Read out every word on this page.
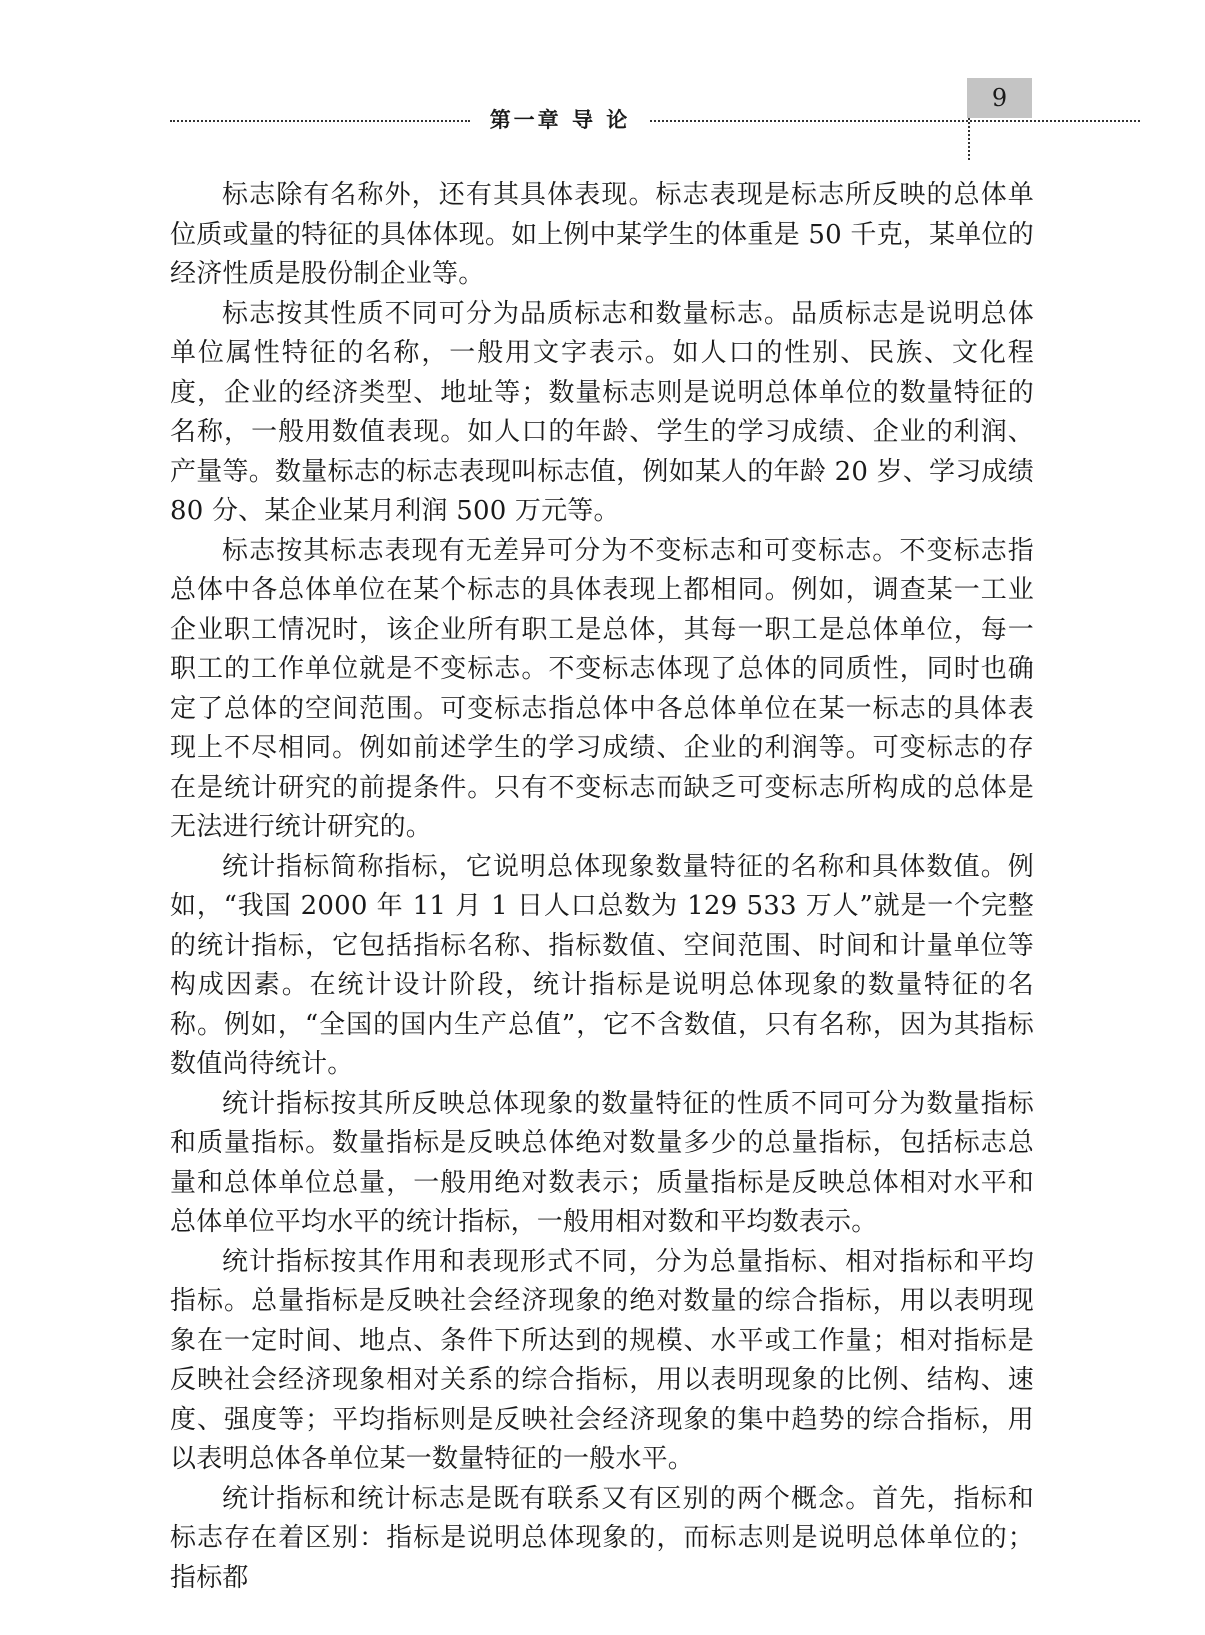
第一章 导 论
9

标志除有名称外，还有其具体表现。标志表现是标志所反映的总体单位质或量的特征的具体体现。如上例中某学生的体重是 50 千克，某单位的经济性质是股份制企业等。

标志按其性质不同可分为品质标志和数量标志。品质标志是说明总体单位属性特征的名称，一般用文字表示。如人口的性别、民族、文化程度，企业的经济类型、地址等；数量标志则是说明总体单位的数量特征的名称，一般用数值表现。如人口的年龄、学生的学习成绩、企业的利润、产量等。数量标志的标志表现叫标志值，例如某人的年龄 20 岁、学习成绩 80 分、某企业某月利润 500 万元等。

标志按其标志表现有无差异可分为不变标志和可变标志。不变标志指总体中各总体单位在某个标志的具体表现上都相同。例如，调查某一工业企业职工情况时，该企业所有职工是总体，其每一职工是总体单位，每一职工的工作单位就是不变标志。不变标志体现了总体的同质性，同时也确定了总体的空间范围。可变标志指总体中各总体单位在某一标志的具体表现上不尽相同。例如前述学生的学习成绩、企业的利润等。可变标志的存在是统计研究的前提条件。只有不变标志而缺乏可变标志所构成的总体是无法进行统计研究的。

统计指标简称指标，它说明总体现象数量特征的名称和具体数值。例如，“我国 2000 年 11 月 1 日人口总数为 129 533 万人”就是一个完整的统计指标，它包括指标名称、指标数值、空间范围、时间和计量单位等构成因素。在统计设计阶段，统计指标是说明总体现象的数量特征的名称。例如，“全国的国内生产总值”，它不含数值，只有名称，因为其指标数值尚待统计。

统计指标按其所反映总体现象的数量特征的性质不同可分为数量指标和质量指标。数量指标是反映总体绝对数量多少的总量指标，包括标志总量和总体单位总量，一般用绝对数表示；质量指标是反映总体相对水平和总体单位平均水平的统计指标，一般用相对数和平均数表示。

统计指标按其作用和表现形式不同，分为总量指标、相对指标和平均指标。总量指标是反映社会经济现象的绝对数量的综合指标，用以表明现象在一定时间、地点、条件下所达到的规模、水平或工作量；相对指标是反映社会经济现象相对关系的综合指标，用以表明现象的比例、结构、速度、强度等；平均指标则是反映社会经济现象的集中趋势的综合指标，用以表明总体各单位某一数量特征的一般水平。

统计指标和统计标志是既有联系又有区别的两个概念。首先，指标和标志存在着区别：指标是说明总体现象的，而标志则是说明总体单位的；指标都
